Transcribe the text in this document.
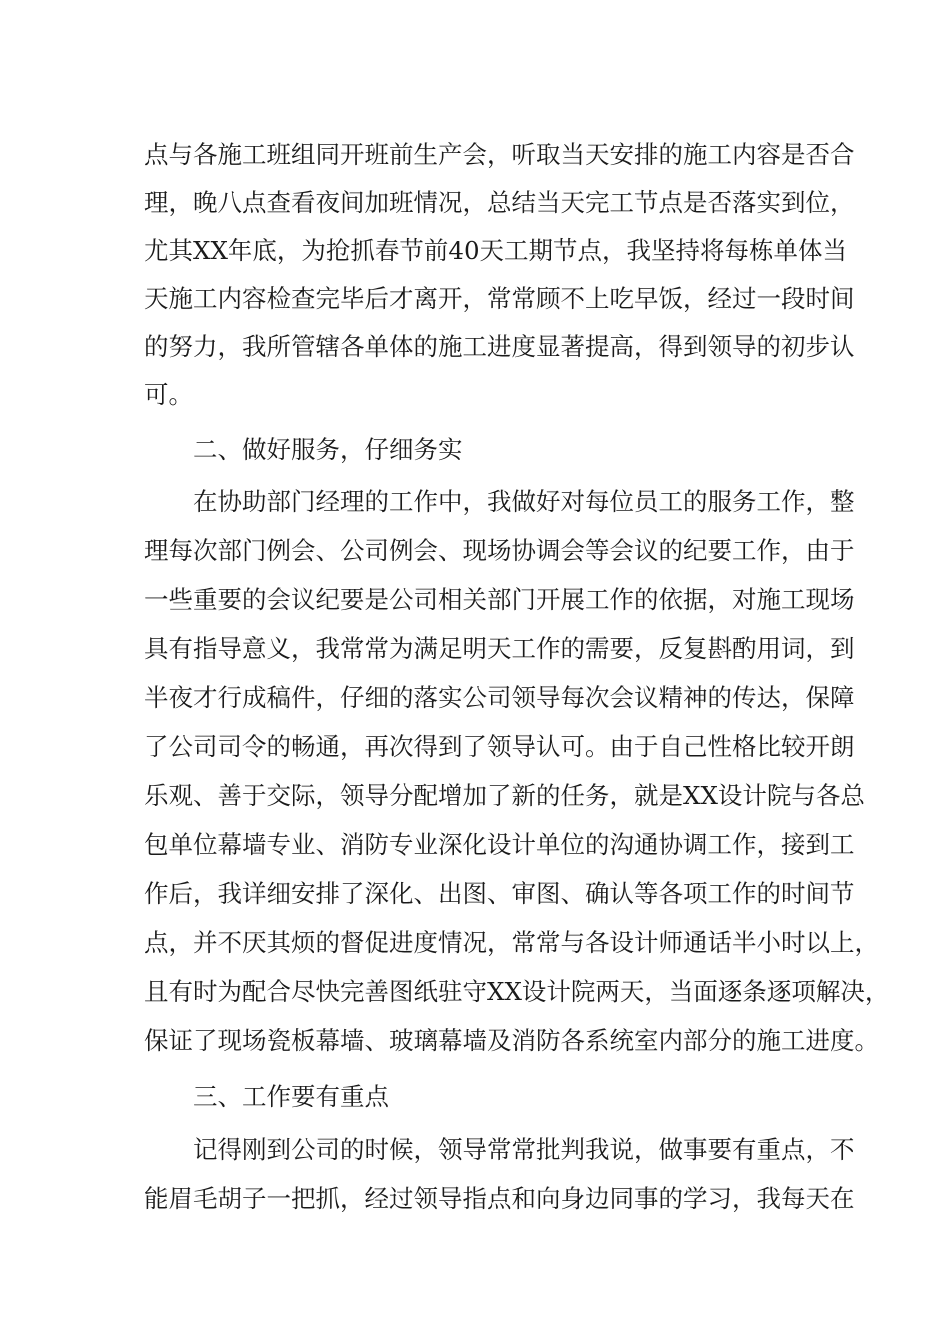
点与各施工班组同开班前生产会，听取当天安排的施工内容是否合
理，晚八点查看夜间加班情况，总结当天完工节点是否落实到位，
尤其XX年底，为抢抓春节前40天工期节点，我坚持将每栋单体当
天施工内容检查完毕后才离开，常常顾不上吃早饭，经过一段时间
的努力，我所管辖各单体的施工进度显著提高，得到领导的初步认
可。
二、做好服务，仔细务实
在协助部门经理的工作中，我做好对每位员工的服务工作，整
理每次部门例会、公司例会、现场协调会等会议的纪要工作，由于
一些重要的会议纪要是公司相关部门开展工作的依据，对施工现场
具有指导意义，我常常为满足明天工作的需要，反复斟酌用词，到
半夜才行成稿件，仔细的落实公司领导每次会议精神的传达，保障
了公司司令的畅通，再次得到了领导认可。由于自己性格比较开朗
乐观、善于交际，领导分配增加了新的任务，就是XX设计院与各总
包单位幕墙专业、消防专业深化设计单位的沟通协调工作，接到工
作后，我详细安排了深化、出图、审图、确认等各项工作的时间节
点，并不厌其烦的督促进度情况，常常与各设计师通话半小时以上，
且有时为配合尽快完善图纸驻守XX设计院两天，当面逐条逐项解决，
保证了现场瓷板幕墙、玻璃幕墙及消防各系统室内部分的施工进度。
三、工作要有重点
记得刚到公司的时候，领导常常批判我说，做事要有重点，不
能眉毛胡子一把抓，经过领导指点和向身边同事的学习，我每天在
